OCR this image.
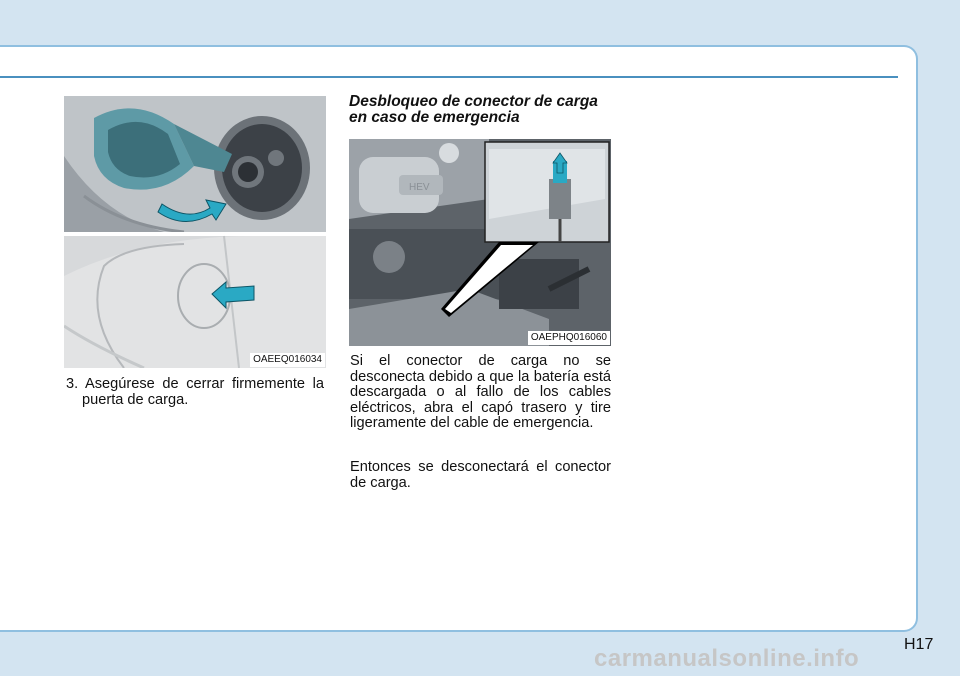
OAEEQ016034

3. Asegúrese de cerrar firmemente la puerta de carga.

Desbloqueo de conector de carga en caso de emergencia
HEV
OAEPHQ016060

Si el conector de carga no se desconecta debido a que la batería está descargada o al fallo de los cables eléctricos, abra el capó trasero y tire ligeramente del cable de emergencia.

Entonces se desconectará el conector de carga.

H17
carmanualsonline.info
